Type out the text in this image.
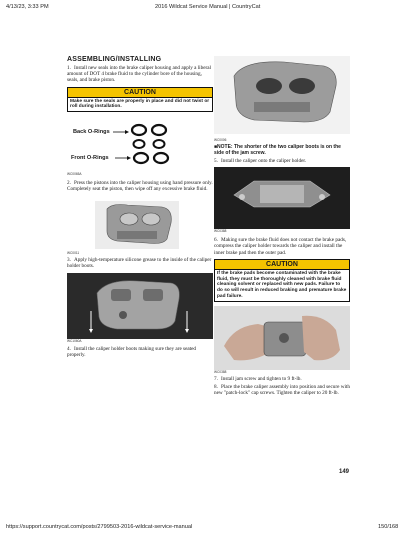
4/13/23, 3:33 PM	2016 Wildcat Service Manual | CountryCat
ASSEMBLING/INSTALLING
1. Install new seals into the brake caliper housing and apply a liberal amount of DOT 4 brake fluid to the cylinder bore of the housing, seals, and brake piston.
CAUTION
Make sure the seals are properly in place and did not twist or roll during installation.
Back O-Rings
Front O-Rings
WC0065A
2. Press the pistons into the caliper housing using hand pressure only. Completely seat the piston, then wipe off any excessive brake fluid.
WC0011
3. Apply high-temperature silicone grease to the inside of the caliper holder boots.
WC1060A
4. Install the caliper holder boots making sure they are seated properly.
WC0006
■NOTE: The shorter of the two caliper boots is on the side of the jam screw.
5. Install the caliper onto the caliper holder.
WC0388
6. Making sure the brake fluid does not contact the brake pads, compress the caliper holder towards the caliper and install the inner brake pad then the outer pad.
CAUTION
If the brake pads become contaminated with the brake fluid, they must be thoroughly cleaned with brake fluid cleaning solvent or replaced with new pads. Failure to do so will result in reduced braking and premature brake pad failure.
WC0388
7. Install jam screw and tighten to 9 ft-lb.
8. Place the brake caliper assembly into position and secure with new "patch-lock" cap screws. Tighten the caliper to 20 ft-lb.
149
https://support.countrycat.com/posts/2799503-2016-wildcat-service-manual	150/168
